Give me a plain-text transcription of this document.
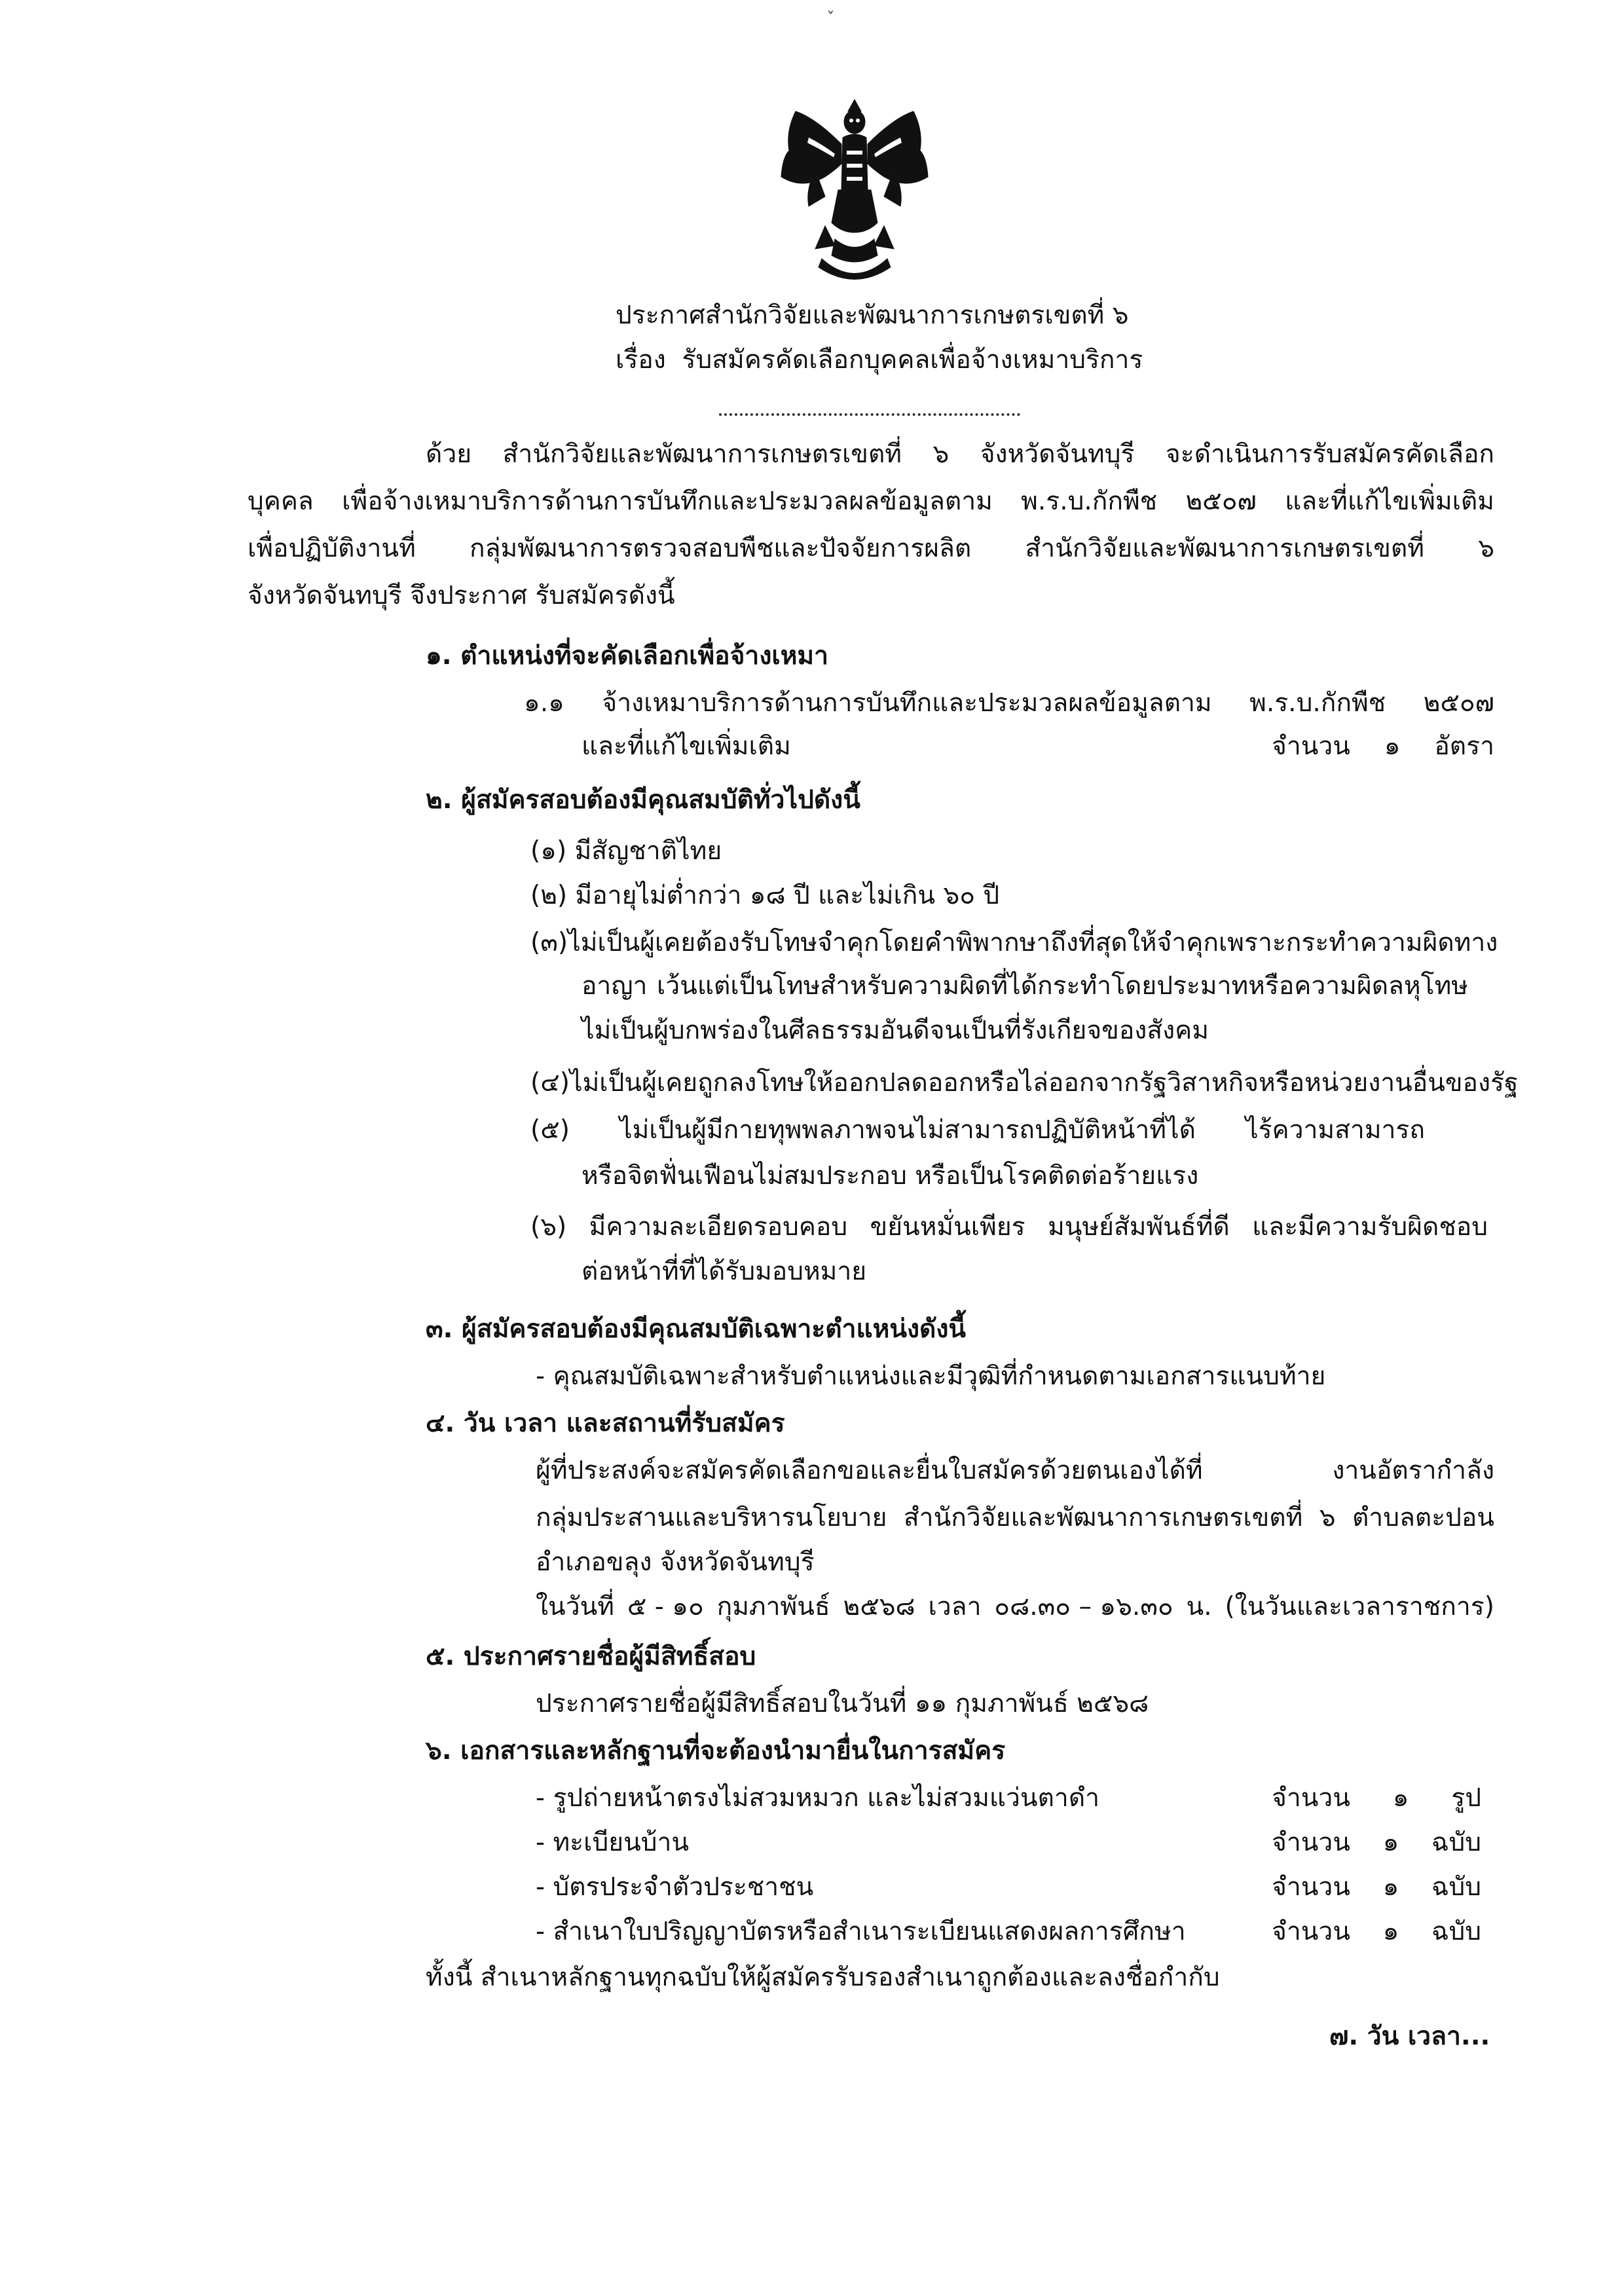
ˇ
ประกาศสำนักวิจัยและพัฒนาการเกษตรเขตที่ ๖
เรื่อง รับสมัครคัดเลือกบุคคลเพื่อจ้างเหมาบริการ
ด้วย สำนักวิจัยและพัฒนาการเกษตรเขตที่ ๖ จังหวัดจันทบุรี จะดำเนินการรับสมัครคัดเลือก
บุคคล เพื่อจ้างเหมาบริการด้านการบันทึกและประมวลผลข้อมูลตาม พ.ร.บ.กักพืช ๒๕๐๗ และที่แก้ไขเพิ่มเติม
เพื่อปฏิบัติงานที่ กลุ่มพัฒนาการตรวจสอบพืชและปัจจัยการผลิต สำนักวิจัยและพัฒนาการเกษตรเขตที่ ๖
จังหวัดจันทบุรี จึงประกาศ รับสมัครดังนี้
๑. ตำแหน่งที่จะคัดเลือกเพื่อจ้างเหมา
๑.๑ จ้างเหมาบริการด้านการบันทึกและประมวลผลข้อมูลตาม พ.ร.บ.กักพืช ๒๕๐๗
และที่แก้ไขเพิ่มเติม	จำนวน ๑ อัตรา
๒. ผู้สมัครสอบต้องมีคุณสมบัติทั่วไปดังนี้
(๑) มีสัญชาติไทย
(๒) มีอายุไม่ต่ำกว่า ๑๘ ปี และไม่เกิน ๖๐ ปี
(๓) ไม่เป็นผู้เคยต้องรับโทษจำคุกโดยคำพิพากษาถึงที่สุดให้จำคุก เพราะกระทำความผิดทาง
อาญา เว้นแต่เป็นโทษสำหรับความผิดที่ได้กระทำโดยประมาทหรือความผิดลหุโทษ
ไม่เป็นผู้บกพร่องในศีลธรรมอันดีจนเป็นที่รังเกียจของสังคม
(๔) ไม่เป็นผู้เคยถูกลงโทษให้ออก ปลดออก หรือไล่ออกจากรัฐวิสาหกิจ หรือหน่วยงานอื่นของรัฐ
(๕) ไม่เป็นผู้มีกายทุพพลภาพจนไม่สามารถปฏิบัติหน้าที่ได้ ไร้ความสามารถ
หรือจิตฟั่นเฟือนไม่สมประกอบ หรือเป็นโรคติดต่อร้ายแรง
(๖) มีความละเอียดรอบคอบ ขยันหมั่นเพียร มนุษย์สัมพันธ์ที่ดี และมีความรับผิดชอบ
ต่อหน้าที่ที่ได้รับมอบหมาย
๓. ผู้สมัครสอบต้องมีคุณสมบัติเฉพาะตำแหน่งดังนี้
- คุณสมบัติเฉพาะสำหรับตำแหน่งและมีวุฒิที่กำหนดตามเอกสารแนบท้าย
๔. วัน เวลา และสถานที่รับสมัคร
ผู้ที่ประสงค์จะสมัครคัดเลือกขอและยื่นใบสมัครด้วยตนเองได้ที่	งานอัตรากำลัง
กลุ่มประสานและบริหารนโยบาย สำนักวิจัยและพัฒนาการเกษตรเขตที่ ๖ ตำบลตะปอน
อำเภอขลุง จังหวัดจันทบุรี
ในวันที่ ๕ - ๑๐ กุมภาพันธ์ ๒๕๖๘ เวลา ๐๘.๓๐ – ๑๖.๓๐ น. (ในวันและเวลาราชการ)
๕. ประกาศรายชื่อผู้มีสิทธิ์สอบ
ประกาศรายชื่อผู้มีสิทธิ์สอบในวันที่ ๑๑ กุมภาพันธ์ ๒๕๖๘
๖. เอกสารและหลักฐานที่จะต้องนำมายื่นในการสมัคร
- รูปถ่ายหน้าตรงไม่สวมหมวก และไม่สวมแว่นตาดำ	จำนวน ๑ รูป
- ทะเบียนบ้าน	จำนวน ๑ ฉบับ
- บัตรประจำตัวประชาชน	จำนวน ๑ ฉบับ
- สำเนาใบปริญญาบัตรหรือสำเนาระเบียนแสดงผลการศึกษา	จำนวน ๑ ฉบับ
ทั้งนี้ สำเนาหลักฐานทุกฉบับให้ผู้สมัครรับรองสำเนาถูกต้องและลงชื่อกำกับ
๗. วัน เวลา...
